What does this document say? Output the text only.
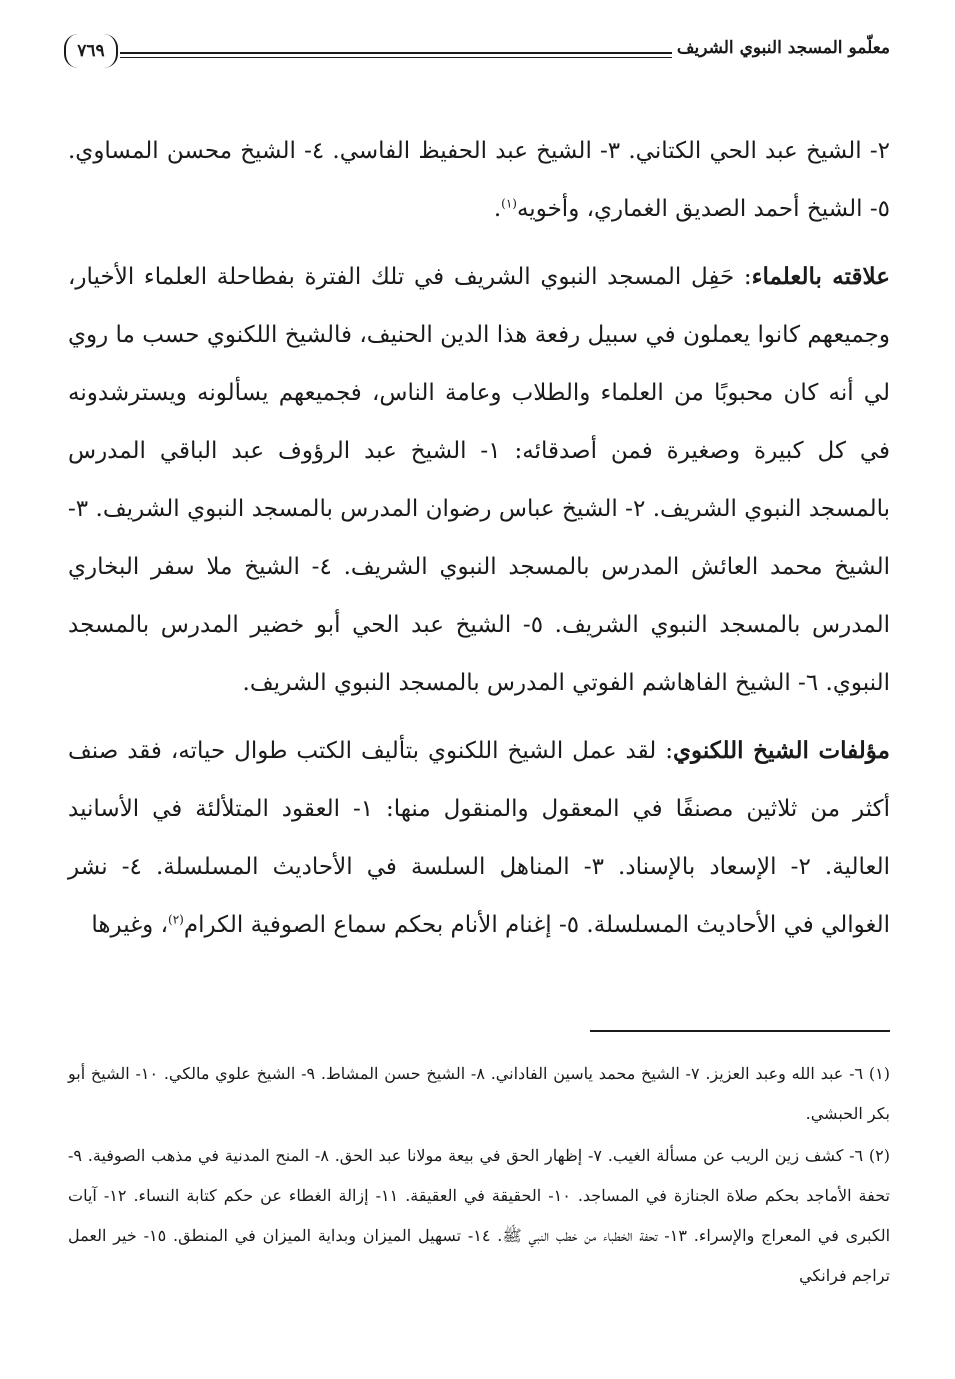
٧٦٩	معلّمو المسجد النبوي الشريف

٢- الشيخ عبد الحي الكتاني. ٣- الشيخ عبد الحفيظ الفاسي. ٤- الشيخ محسن المساوي. ٥- الشيخ أحمد الصديق الغماري، وأخويه$^{(١)}$.

علاقته بالعلماء: حَفِل المسجد النبوي الشريف في تلك الفترة بفطاحلة العلماء الأخيار، وجميعهم كانوا يعملون في سبيل رفعة هذا الدين الحنيف، فالشيخ اللكنوي حسب ما روي لي أنه كان محبوبًا من العلماء والطلاب وعامة الناس، فجميعهم يسألونه ويسترشدونه في كل كبيرة وصغيرة فمن أصدقائه: ١- الشيخ عبد الرؤوف عبد الباقي المدرس بالمسجد النبوي الشريف. ٢- الشيخ عباس رضوان المدرس بالمسجد النبوي الشريف. ٣- الشيخ محمد العائش المدرس بالمسجد النبوي الشريف. ٤- الشيخ ملا سفر البخاري المدرس بالمسجد النبوي الشريف. ٥- الشيخ عبد الحي أبو خضير المدرس بالمسجد النبوي. ٦- الشيخ الفاهاشم الفوتي المدرس بالمسجد النبوي الشريف.

مؤلفات الشيخ اللكنوي: لقد عمل الشيخ اللكنوي بتأليف الكتب طوال حياته، فقد صنف أكثر من ثلاثين مصنفًا في المعقول والمنقول منها: ١- العقود المتلألئة في الأسانيد العالية. ٢- الإسعاد بالإسناد. ٣- المناهل السلسة في الأحاديث المسلسلة. ٤- نشر الغوالي في الأحاديث المسلسلة. ٥- إغنام الأنام بحكم سماع الصوفية الكرام$^{(٢)}$، وغيرها

(١) ٦- عبد الله وعبد العزيز. ٧- الشيخ محمد ياسين الفاداني. ٨- الشيخ حسن المشاط. ٩- الشيخ علوي مالكي. ١٠- الشيخ أبو بكر الحبشي.

(٢) ٦- كشف زين الريب عن مسألة الغيب. ٧- إظهار الحق في بيعة مولانا عبد الحق. ٨- المنح المدنية في مذهب الصوفية. ٩- تحفة الأماجد بحكم صلاة الجنازة في المساجد. ١٠- الحقيقة في العقيقة. ١١- إزالة الغطاء عن حكم كتابة النساء. ١٢- آيات الكبرى في المعراج والإسراء. ١٣- تحفة الخطباء من خطب النبي ﷺ. ١٤- تسهيل الميزان وبداية الميزان في المنطق. ١٥- خير العمل تراجم فرانكي
